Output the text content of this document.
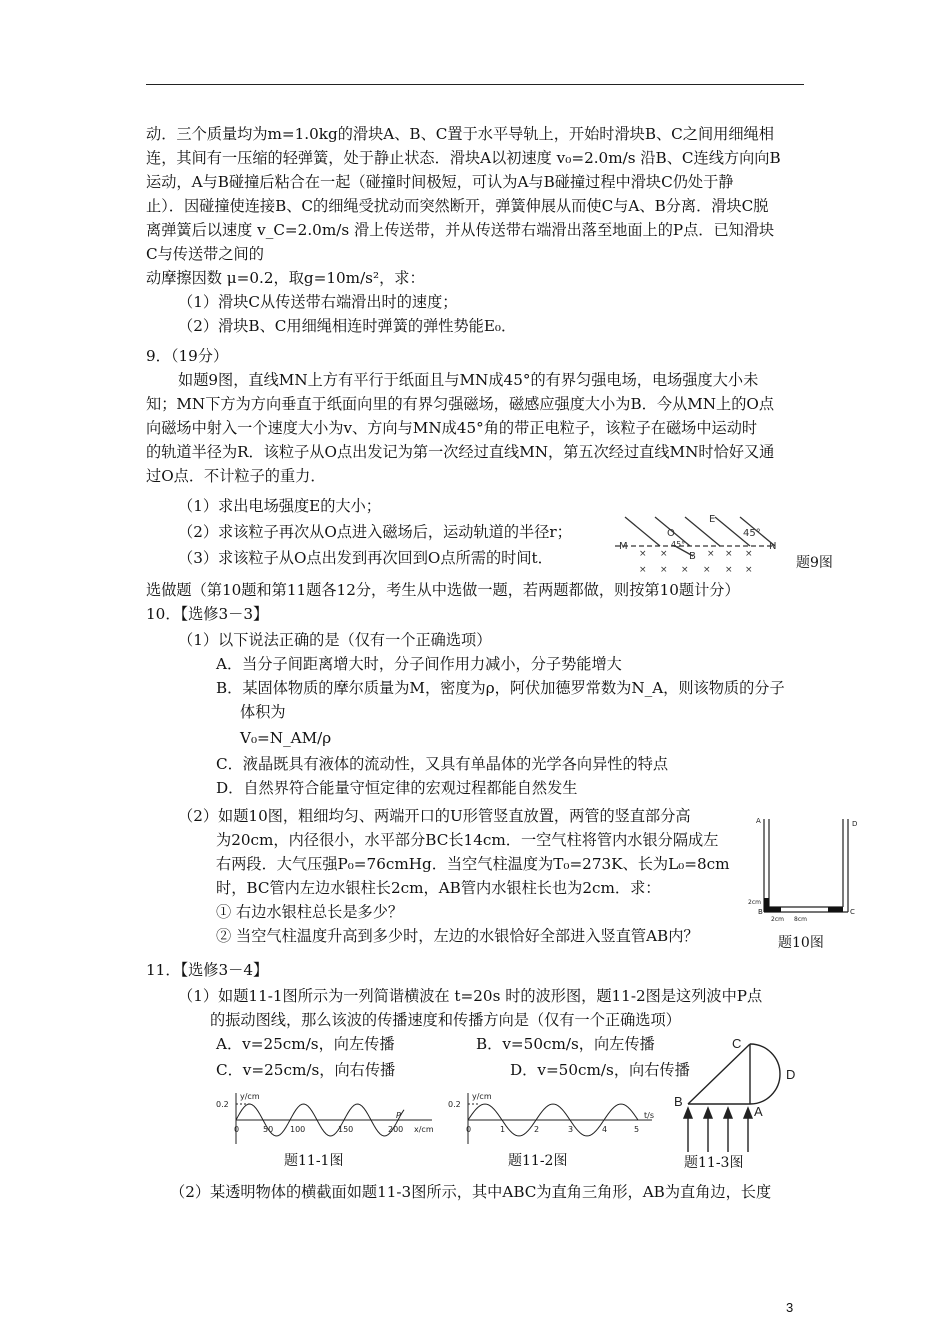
动．三个质量均为m=1.0kg的滑块A、B、C置于水平导轨上，开始时滑块B、C之间用细绳相
连，其间有一压缩的轻弹簧，处于静止状态．滑块A以初速度 v₀=2.0m/s 沿B、C连线方向向B
运动，A与B碰撞后粘合在一起（碰撞时间极短，可认为A与B碰撞过程中滑块C仍处于静
止）．因碰撞使连接B、C的细绳受扰动而突然断开，弹簧伸展从而使C与A、B分离．滑块C脱
离弹簧后以速度 v_C=2.0m/s 滑上传送带，并从传送带右端滑出落至地面上的P点．已知滑块
C与传送带之间的
动摩擦因数 μ=0.2，取g=10m/s²，求：
（1）滑块C从传送带右端滑出时的速度；
（2）滑块B、C用细绳相连时弹簧的弹性势能E₀．
9．（19分）
如题9图，直线MN上方有平行于纸面且与MN成45°的有界匀强电场，电场强度大小未
知；MN下方为方向垂直于纸面向里的有界匀强磁场，磁感应强度大小为B．今从MN上的O点
向磁场中射入一个速度大小为v、方向与MN成45°角的带正电粒子，该粒子在磁场中运动时
的轨道半径为R．该粒子从O点出发记为第一次经过直线MN，第五次经过直线MN时恰好又通
过O点．不计粒子的重力．
（1）求出电场强度E的大小；
（2）求该粒子再次从O点进入磁场后，运动轨道的半径r；
（3）求该粒子从O点出发到再次回到O点所需的时间t．
选做题（第10题和第11题各12分，考生从中选做一题，若两题都做，则按第10题计分）
10．【选修3－3】
（1）以下说法正确的是（仅有一个正确选项）
A．当分子间距离增大时，分子间作用力减小，分子势能增大
B．某固体物质的摩尔质量为M，密度为ρ，阿伏加德罗常数为N_A，则该物质的分子
体积为
V₀=N_AM/ρ
C．液晶既具有液体的流动性，又具有单晶体的光学各向异性的特点
D．自然界符合能量守恒定律的宏观过程都能自然发生
（2）如题10图，粗细均匀、两端开口的U形管竖直放置，两管的竖直部分高
为20cm，内径很小，水平部分BC长14cm．一空气柱将管内水银分隔成左
右两段．大气压强P₀=76cmHg．当空气柱温度为T₀=273K、长为L₀=8cm
时，BC管内左边水银柱长2cm，AB管内水银柱长也为2cm．求：
① 右边水银柱总长是多少？
② 当空气柱温度升高到多少时，左边的水银恰好全部进入竖直管AB内？
11．【选修3－4】
（1）如题11-1图所示为一列简谐横波在 t=20s 时的波形图，题11-2图是这列波中P点
的振动图线，那么该波的传播速度和传播方向是（仅有一个正确选项）
A．v=25cm/s，向左传播	B．v=50cm/s，向左传播
C．v=25cm/s，向右传播	D．v=50cm/s，向右传播
（2）某透明物体的横截面如题11-3图所示，其中ABC为直角三角形，AB为直角边，长度
M	N
O
E
45°
45°
B
× ×	× × ×
× × × × × ×	题9图
A	D
B	C
2cm
2cm 8cm
题10图
y/cm
0.2
0	50 100	150	200
P
x/cm
题11-1图
y/cm
0.2
0	1	2	3	4	5
t/s
题11-2图
C
D
B
A
题11-3图
3
